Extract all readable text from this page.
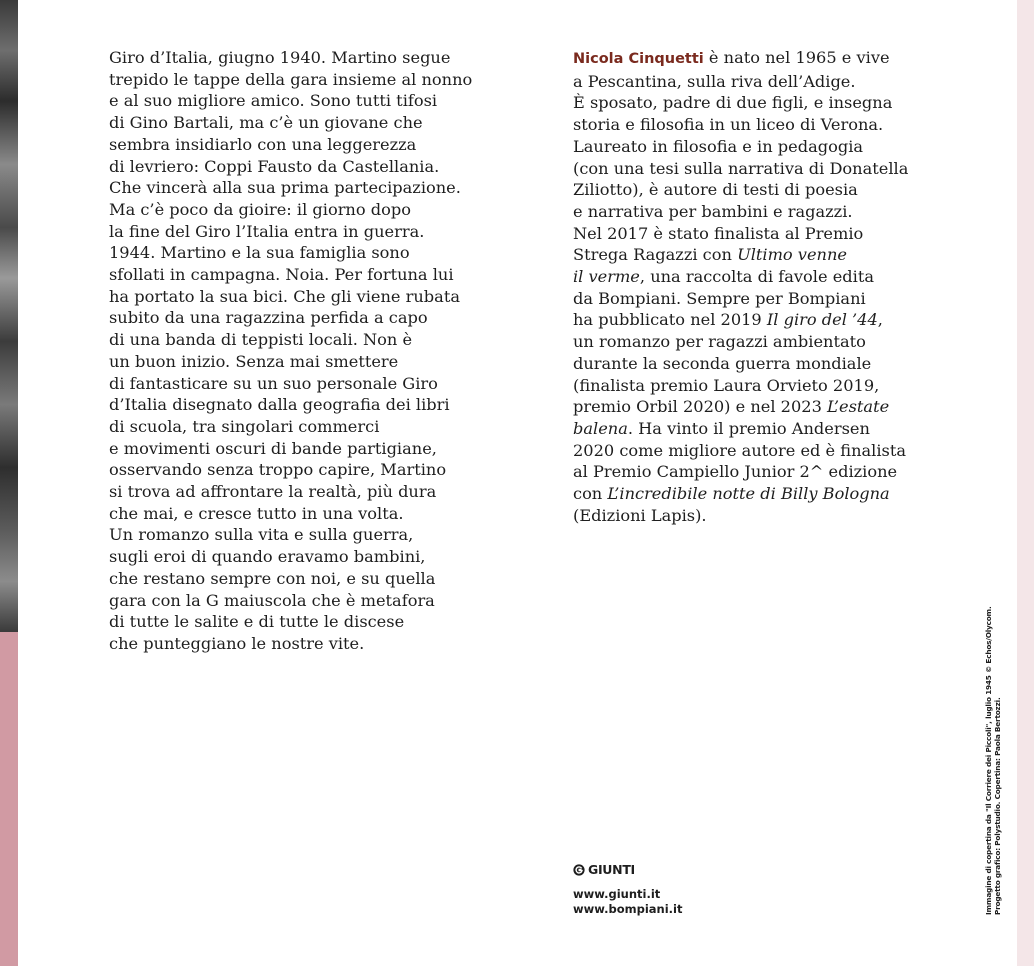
Giro d’Italia, giugno 1940. Martino segue
trepido le tappe della gara insieme al nonno
e al suo migliore amico. Sono tutti tifosi
di Gino Bartali, ma c’è un giovane che
sembra insidiarlo con una leggerezza
di levriero: Coppi Fausto da Castellania.
Che vincerà alla sua prima partecipazione.
Ma c’è poco da gioire: il giorno dopo
la fine del Giro l’Italia entra in guerra.
1944. Martino e la sua famiglia sono
sfollati in campagna. Noia. Per fortuna lui
ha portato la sua bici. Che gli viene rubata
subito da una ragazzina perfida a capo
di una banda di teppisti locali. Non è
un buon inizio. Senza mai smettere
di fantasticare su un suo personale Giro
d’Italia disegnato dalla geografia dei libri
di scuola, tra singolari commerci
e movimenti oscuri di bande partigiane,
osservando senza troppo capire, Martino
si trova ad affrontare la realtà, più dura
che mai, e cresce tutto in una volta.
Un romanzo sulla vita e sulla guerra,
sugli eroi di quando eravamo bambini,
che restano sempre con noi, e su quella
gara con la G maiuscola che è metafora
di tutte le salite e di tutte le discese
che punteggiano le nostre vite.
Nicola Cinquetti è nato nel 1965 e vive
a Pescantina, sulla riva dell’Adige.
È sposato, padre di due figli, e insegna
storia e filosofia in un liceo di Verona.
Laureato in filosofia e in pedagogia
(con una tesi sulla narrativa di Donatella
Ziliotto), è autore di testi di poesia
e narrativa per bambini e ragazzi.
Nel 2017 è stato finalista al Premio
Strega Ragazzi con Ultimo venne
il verme, una raccolta di favole edita
da Bompiani. Sempre per Bompiani
ha pubblicato nel 2019 Il giro del ’44,
un romanzo per ragazzi ambientato
durante la seconda guerra mondiale
(finalista premio Laura Orvieto 2019,
premio Orbil 2020) e nel 2023 L’estate
balena. Ha vinto il premio Andersen
2020 come migliore autore ed è finalista
al Premio Campiello Junior 2^ edizione
con L’incredibile notte di Billy Bologna
(Edizioni Lapis).
GIUNTI
www.giunti.it
www.bompiani.it	Immagine di copertina da "Il Corriere dei Piccoli", luglio 1945 © Echos/Olycom. Progetto grafico: Polystudio. Copertina: Paola Bertozzi.
